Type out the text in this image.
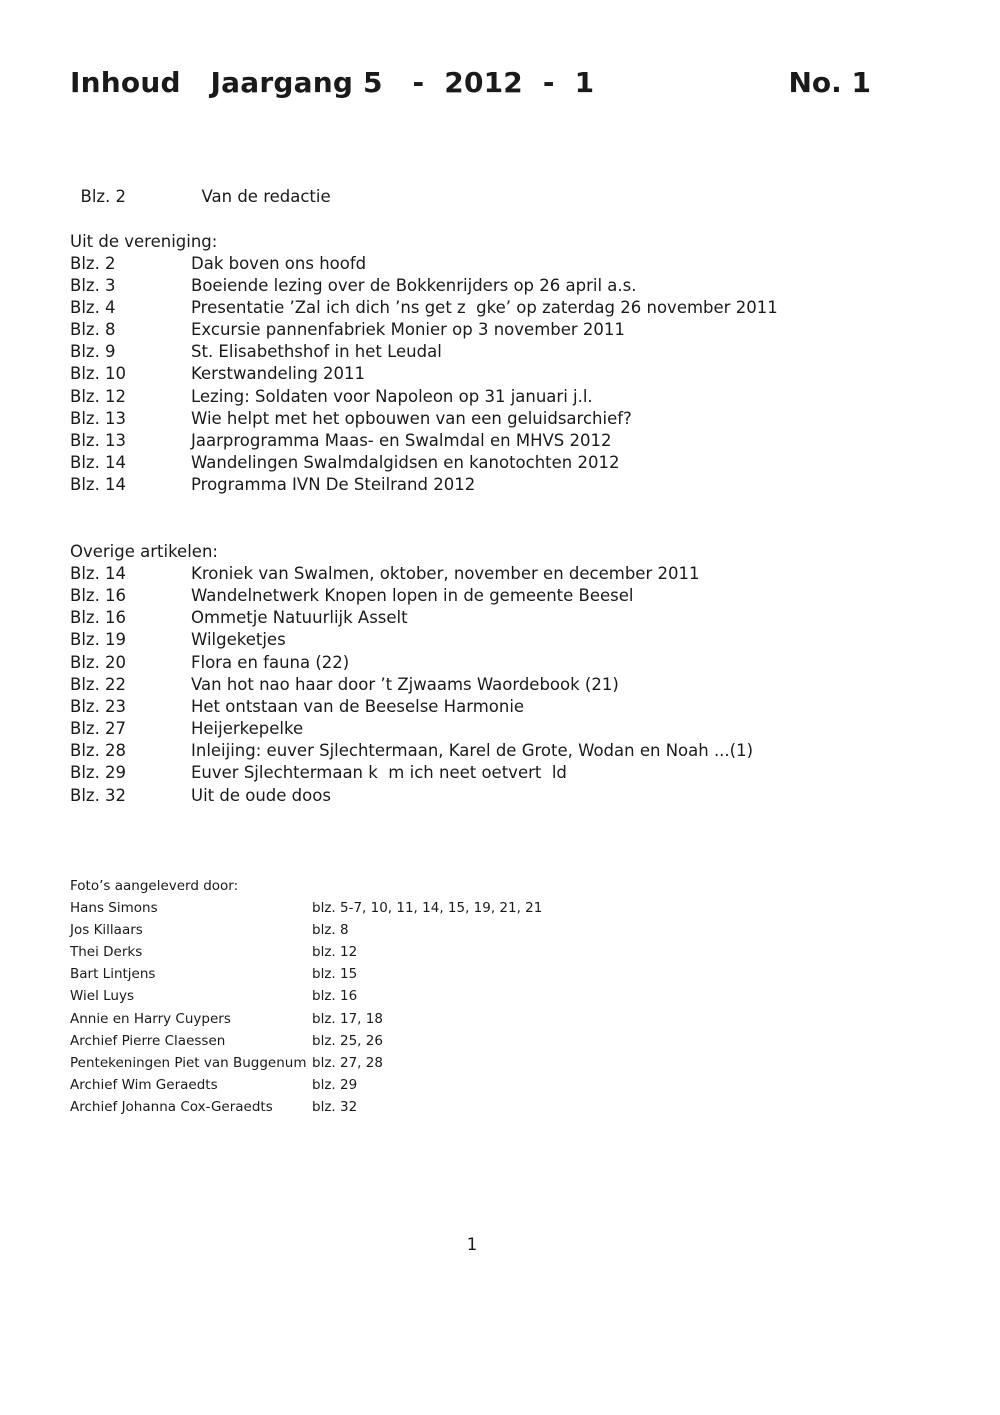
Inhoud   Jaargang 5   -  2012  -  1	No. 1

Blz. 2	Van de redactie

Uit de vereniging:
Blz. 2	Dak boven ons hoofd
Blz. 3	Boeiende lezing over de Bokkenrijders op 26 april a.s.
Blz. 4	Presentatie ’Zal ich dich ’ns get z  gke’ op zaterdag 26 november 2011
Blz. 8	Excursie pannenfabriek Monier op 3 november 2011
Blz. 9	St. Elisabethshof in het Leudal
Blz. 10	Kerstwandeling 2011
Blz. 12	Lezing: Soldaten voor Napoleon op 31 januari j.l.
Blz. 13	Wie helpt met het opbouwen van een geluidsarchief?
Blz. 13	Jaarprogramma Maas- en Swalmdal en MHVS 2012
Blz. 14	Wandelingen Swalmdalgidsen en kanotochten 2012
Blz. 14	Programma IVN De Steilrand 2012
Overige artikelen:
Blz. 14	Kroniek van Swalmen, oktober, november en december 2011
Blz. 16	Wandelnetwerk Knopen lopen in de gemeente Beesel
Blz. 16	Ommetje Natuurlijk Asselt
Blz. 19	Wilgeketjes
Blz. 20	Flora en fauna (22)
Blz. 22	Van hot nao haar door ’t Zjwaams Waordebook (21)
Blz. 23	Het ontstaan van de Beeselse Harmonie
Blz. 27	Heijerkepelke
Blz. 28	Inleijing: euver Sjlechtermaan, Karel de Grote, Wodan en Noah ...(1)
Blz. 29	Euver Sjlechtermaan k  m ich neet oetvert  ld
Blz. 32	Uit de oude doos
Foto’s aangeleverd door:
Hans Simons	blz. 5-7, 10, 11, 14, 15, 19, 21, 21
Jos Killaars	blz. 8
Thei Derks	blz. 12
Bart Lintjens	blz. 15
Wiel Luys	blz. 16
Annie en Harry Cuypers	blz. 17, 18
Archief Pierre Claessen	blz. 25, 26
Pentekeningen Piet van Buggenum blz. 27, 28
Archief Wim Geraedts	blz. 29
Archief Johanna Cox-Geraedts	blz. 32
1
